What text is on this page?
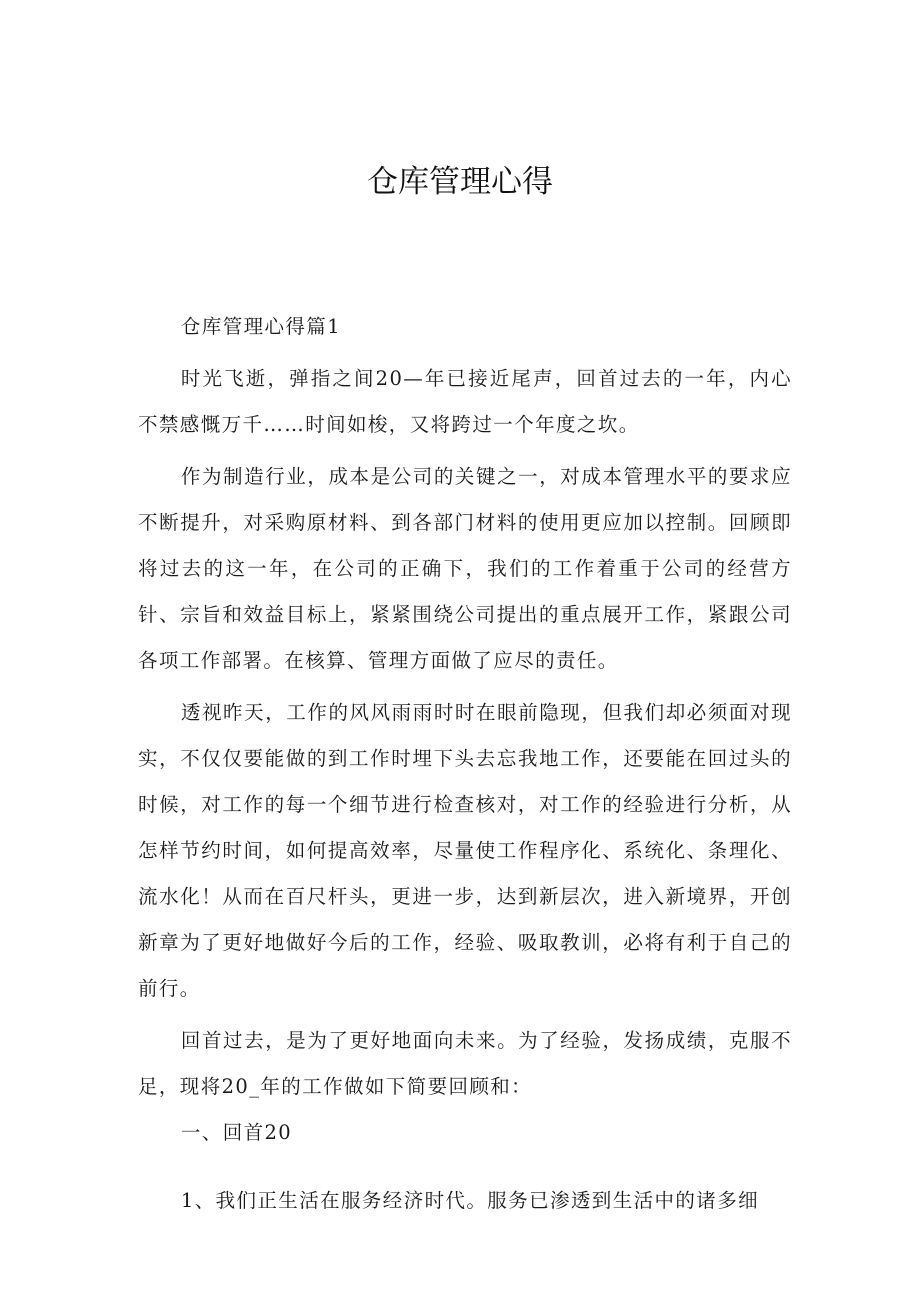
仓库管理心得

仓库管理心得篇1

时光飞逝，弹指之间20—年已接近尾声，回首过去的一年，内心不禁感慨万千……时间如梭，又将跨过一个年度之坎。

作为制造行业，成本是公司的关键之一，对成本管理水平的要求应不断提升，对采购原材料、到各部门材料的使用更应加以控制。回顾即将过去的这一年，在公司的正确下，我们的工作着重于公司的经营方针、宗旨和效益目标上，紧紧围绕公司提出的重点展开工作，紧跟公司各项工作部署。在核算、管理方面做了应尽的责任。

透视昨天，工作的风风雨雨时时在眼前隐现，但我们却必须面对现实，不仅仅要能做的到工作时埋下头去忘我地工作，还要能在回过头的时候，对工作的每一个细节进行检查核对，对工作的经验进行分析，从怎样节约时间，如何提高效率，尽量使工作程序化、系统化、条理化、流水化！从而在百尺杆头，更进一步，达到新层次，进入新境界，开创新章为了更好地做好今后的工作，经验、吸取教训，必将有利于自己的前行。

回首过去，是为了更好地面向未来。为了经验，发扬成绩，克服不足，现将20_年的工作做如下简要回顾和：

一、回首20

1、我们正生活在服务经济时代。服务已渗透到生活中的诸多细
